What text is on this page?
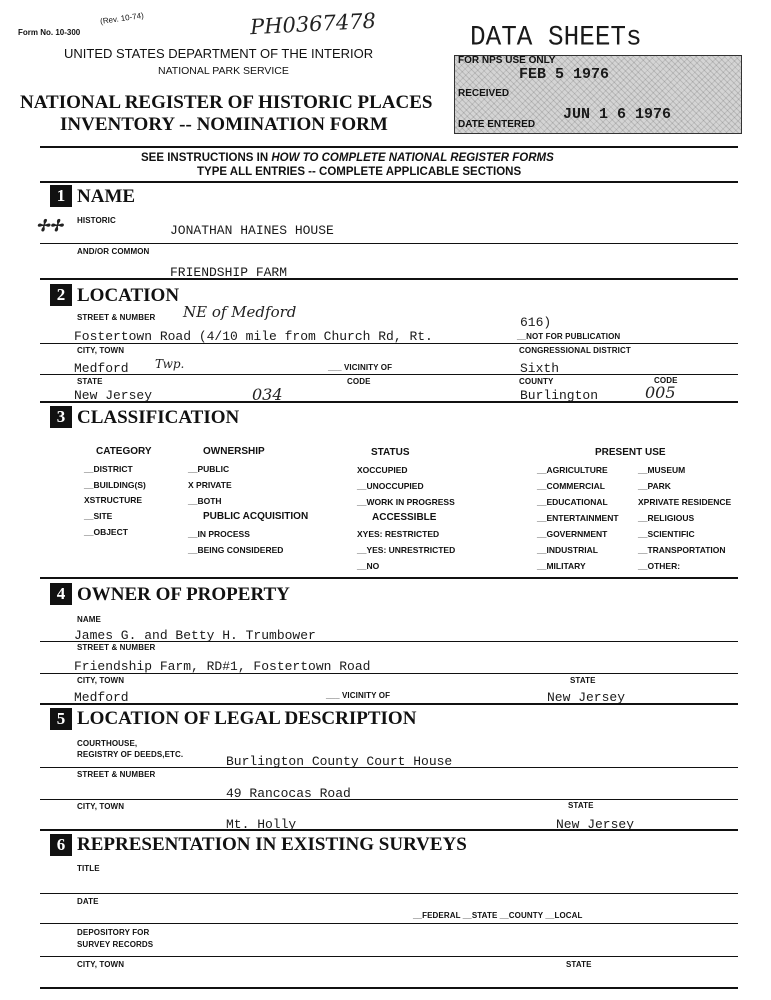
Form No. 10-300
(Rev. 10-74)	PH0367478
UNITED STATES DEPARTMENT OF THE INTERIOR
NATIONAL PARK SERVICE
NATIONAL REGISTER OF HISTORIC PLACES
INVENTORY -- NOMINATION FORM
DATA SHEETs
FOR NPS USE ONLY
FEB 5 1976
RECEIVED
DATE ENTERED
JUN 1 6 1976
SEE INSTRUCTIONS IN HOW TO COMPLETE NATIONAL REGISTER FORMS
TYPE ALL ENTRIES -- COMPLETE APPLICABLE SECTIONS
1 NAME
✢✢ HISTORIC
JONATHAN HAINES HOUSE
AND/OR COMMON
FRIENDSHIP FARM
2 LOCATION
STREET & NUMBER NE of Medford
616)
Fostertown Road (4/10 mile from Church Rd, Rt.	__NOT FOR PUBLICATION
CITY, TOWN	CONGRESSIONAL DISTRICT
Medford Twp.	___ VICINITY OF	Sixth
STATE	CODE	COUNTY	CODE
New Jersey	034	Burlington	005
3 CLASSIFICATION
CATEGORY
__DISTRICT
__BUILDING(S)
XSTRUCTURE
__SITE
__OBJECT
OWNERSHIP
__PUBLIC
X PRIVATE
__BOTH
PUBLIC ACQUISITION
__IN PROCESS
__BEING CONSIDERED
STATUS
XOCCUPIED
__UNOCCUPIED
__WORK IN PROGRESS
ACCESSIBLE
XYES: RESTRICTED
__YES: UNRESTRICTED
__NO
PRESENT USE
__AGRICULTURE
__COMMERCIAL
__EDUCATIONAL
__ENTERTAINMENT
__GOVERNMENT
__INDUSTRIAL
__MILITARY
__MUSEUM
__PARK
XPRIVATE RESIDENCE
__RELIGIOUS
__SCIENTIFIC
__TRANSPORTATION
__OTHER:
4 OWNER OF PROPERTY
NAME
James G. and Betty H. Trumbower
STREET & NUMBER
Friendship Farm, RD#1, Fostertown Road
CITY, TOWN	STATE
Medford	___ VICINITY OF	New Jersey
5 LOCATION OF LEGAL DESCRIPTION
COURTHOUSE,
REGISTRY OF DEEDS,ETC.	Burlington County Court House
STREET & NUMBER
49 Rancocas Road
CITY, TOWN	STATE
Mt. Holly	New Jersey
6 REPRESENTATION IN EXISTING SURVEYS
TITLE
DATE
__FEDERAL __STATE __COUNTY __LOCAL
DEPOSITORY FOR
SURVEY RECORDS
CITY, TOWN	STATE
